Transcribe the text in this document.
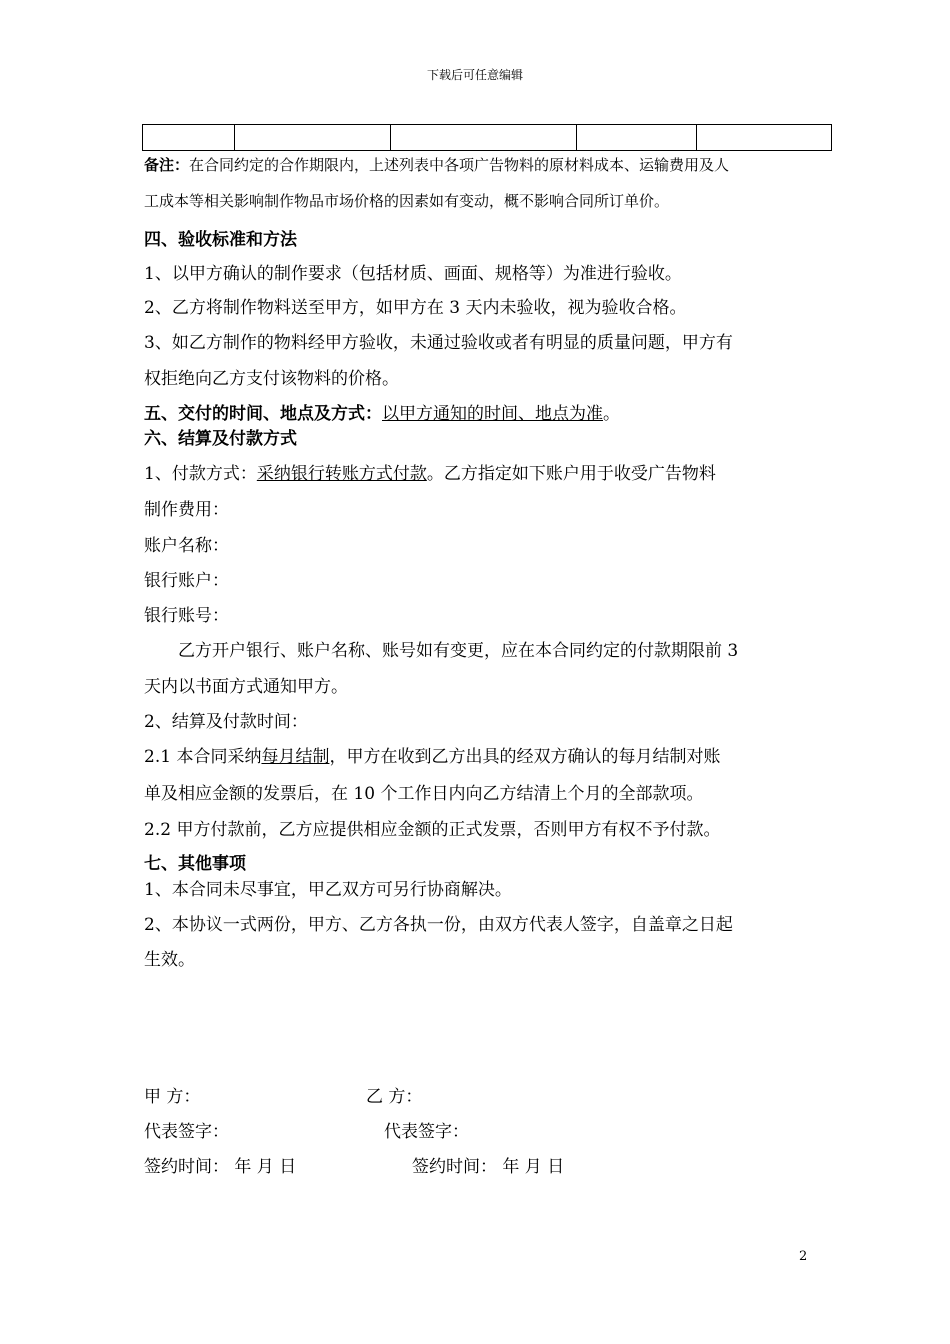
下载后可任意编辑

备注：在合同约定的合作期限内，上述列表中各项广告物料的原材料成本、运输费用及人
工成本等相关影响制作物品市场价格的因素如有变动，概不影响合同所订单价。
四、验收标准和方法
1、以甲方确认的制作要求（包括材质、画面、规格等）为准进行验收。
2、乙方将制作物料送至甲方，如甲方在 3 天内未验收，视为验收合格。
3、如乙方制作的物料经甲方验收，未通过验收或者有明显的质量问题，甲方有
权拒绝向乙方支付该物料的价格。
五、交付的时间、地点及方式：以甲方通知的时间、地点为准。
六、结算及付款方式
1、付款方式：采纳银行转账方式付款。乙方指定如下账户用于收受广告物料
制作费用：
账户名称：
银行账户：
银行账号：
乙方开户银行、账户名称、账号如有变更，应在本合同约定的付款期限前 3
天内以书面方式通知甲方。
2、结算及付款时间：
2.1 本合同采纳每月结制，甲方在收到乙方出具的经双方确认的每月结制对账
单及相应金额的发票后，在 10 个工作日内向乙方结清上个月的全部款项。
2.2 甲方付款前，乙方应提供相应金额的正式发票，否则甲方有权不予付款。
七、其他事项
1、本合同未尽事宜，甲乙双方可另行协商解决。
2、本协议一式两份，甲方、乙方各执一份，由双方代表人签字，自盖章之日起
生效。
甲 方：	乙 方：
代表签字：	代表签字：
签约时间： 年 月 日	签约时间： 年 月 日
2
